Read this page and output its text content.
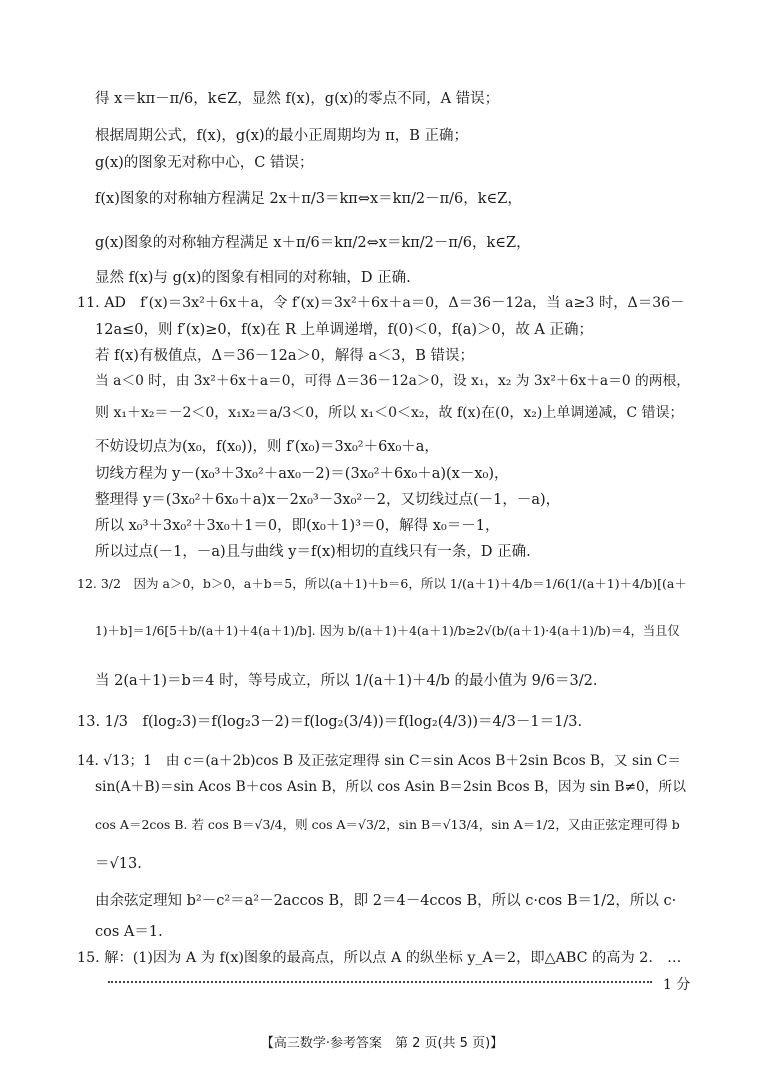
得 x＝kπ－π/6，k∈Z，显然 f(x)，g(x)的零点不同，A 错误；
根据周期公式，f(x)，g(x)的最小正周期均为 π，B 正确；
g(x)的图象无对称中心，C 错误；
f(x)图象的对称轴方程满足 2x＋π/3＝kπ⇔x＝kπ/2－π/6，k∈Z，
g(x)图象的对称轴方程满足 x＋π/6＝kπ/2⇔x＝kπ/2－π/6，k∈Z，
显然 f(x)与 g(x)的图象有相同的对称轴，D 正确.
11. AD　f′(x)＝3x²＋6x＋a，令 f′(x)＝3x²＋6x＋a＝0，Δ＝36－12a，当 a≥3 时，Δ＝36－
12a≤0，则 f′(x)≥0，f(x)在 R 上单调递增，f(0)＜0，f(a)＞0，故 A 正确；
若 f(x)有极值点，Δ＝36－12a＞0，解得 a＜3，B 错误；
当 a＜0 时，由 3x²＋6x＋a＝0，可得 Δ＝36－12a＞0，设 x₁，x₂ 为 3x²＋6x＋a＝0 的两根，
则 x₁＋x₂＝－2＜0，x₁x₂＝a/3＜0，所以 x₁＜0＜x₂，故 f(x)在(0，x₂)上单调递减，C 错误；
不妨设切点为(x₀，f(x₀))，则 f′(x₀)＝3x₀²＋6x₀＋a，
切线方程为 y－(x₀³＋3x₀²＋ax₀－2)＝(3x₀²＋6x₀＋a)(x－x₀)，
整理得 y＝(3x₀²＋6x₀＋a)x－2x₀³－3x₀²－2，又切线过点(－1，－a)，
所以 x₀³＋3x₀²＋3x₀＋1＝0，即(x₀＋1)³＝0，解得 x₀＝－1，
所以过点(－1，－a)且与曲线 y＝f(x)相切的直线只有一条，D 正确.
12. 3/2　因为 a＞0，b＞0，a＋b＝5，所以(a＋1)＋b＝6，所以 1/(a＋1)＋4/b＝1/6(1/(a＋1)＋4/b)[(a＋
1)＋b]＝1/6[5＋b/(a＋1)＋4(a＋1)/b]. 因为 b/(a＋1)＋4(a＋1)/b≥2√(b/(a＋1)·4(a＋1)/b)＝4，当且仅
当 2(a＋1)＝b＝4 时，等号成立，所以 1/(a＋1)＋4/b 的最小值为 9/6＝3/2.
13. 1/3　f(log₂3)＝f(log₂3－2)＝f(log₂(3/4))＝f(log₂(4/3))＝4/3－1＝1/3.
14. √13；1　由 c＝(a＋2b)cos B 及正弦定理得 sin C＝sin Acos B＋2sin Bcos B，又 sin C＝
sin(A＋B)＝sin Acos B＋cos Asin B，所以 cos Asin B＝2sin Bcos B，因为 sin B≠0，所以
cos A＝2cos B. 若 cos B＝√3/4，则 cos A＝√3/2，sin B＝√13/4，sin A＝1/2，又由正弦定理可得 b
＝√13.
由余弦定理知 b²－c²＝a²－2accos B，即 2＝4－4ccos B，所以 c·cos B＝1/2，所以 c·
cos A＝1.
15. 解：(1)因为 A 为 f(x)图象的最高点，所以点 A 的纵坐标 y_A＝2，即△ABC 的高为 2.　…
1 分
【高三数学·参考答案　第 2 页(共 5 页)】
